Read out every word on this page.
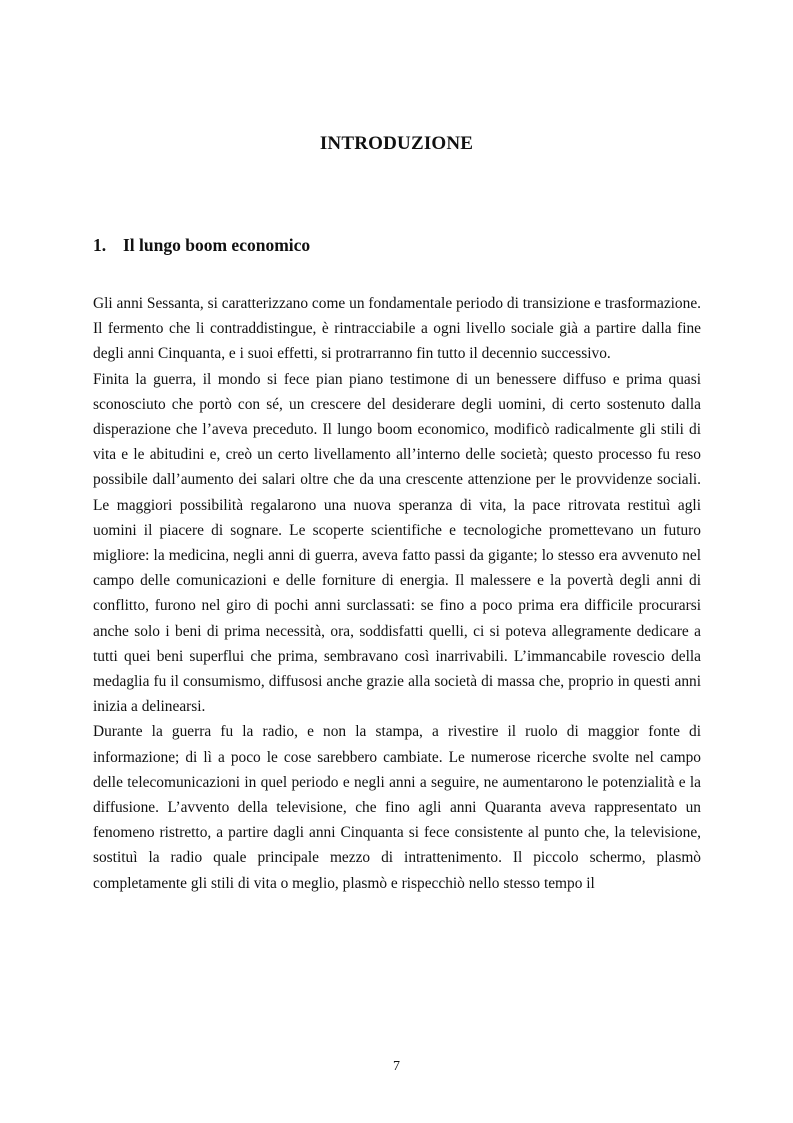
INTRODUZIONE
1. Il lungo boom economico

Gli anni Sessanta, si caratterizzano come un fondamentale periodo di transizione e trasformazione. Il fermento che li contraddistingue, è rintracciabile a ogni livello sociale già a partire dalla fine degli anni Cinquanta, e i suoi effetti, si protrarranno fin tutto il decennio successivo.

Finita la guerra, il mondo si fece pian piano testimone di un benessere diffuso e prima quasi sconosciuto che portò con sé, un crescere del desiderare degli uomini, di certo sostenuto dalla disperazione che l’aveva preceduto. Il lungo boom economico, modificò radicalmente gli stili di vita e le abitudini e, creò un certo livellamento all’interno delle società; questo processo fu reso possibile dall’aumento dei salari oltre che da una crescente attenzione per le provvidenze sociali. Le maggiori possibilità regalarono una nuova speranza di vita, la pace ritrovata restituì agli uomini il piacere di sognare. Le scoperte scientifiche e tecnologiche promettevano un futuro migliore: la medicina, negli anni di guerra, aveva fatto passi da gigante; lo stesso era avvenuto nel campo delle comunicazioni e delle forniture di energia. Il malessere e la povertà degli anni di conflitto, furono nel giro di pochi anni surclassati: se fino a poco prima era difficile procurarsi anche solo i beni di prima necessità, ora, soddisfatti quelli, ci si poteva allegramente dedicare a tutti quei beni superflui che prima, sembravano così inarrivabili. L’immancabile rovescio della medaglia fu il consumismo, diffusosi anche grazie alla società di massa che, proprio in questi anni inizia a delinearsi.

Durante la guerra fu la radio, e non la stampa, a rivestire il ruolo di maggior fonte di informazione; di lì a poco le cose sarebbero cambiate. Le numerose ricerche svolte nel campo delle telecomunicazioni in quel periodo e negli anni a seguire, ne aumentarono le potenzialità e la diffusione. L’avvento della televisione, che fino agli anni Quaranta aveva rappresentato un fenomeno ristretto, a partire dagli anni Cinquanta si fece consistente al punto che, la televisione, sostituì la radio quale principale mezzo di intrattenimento. Il piccolo schermo, plasmò completamente gli stili di vita o meglio, plasmò e rispecchiò nello stesso tempo il

7
